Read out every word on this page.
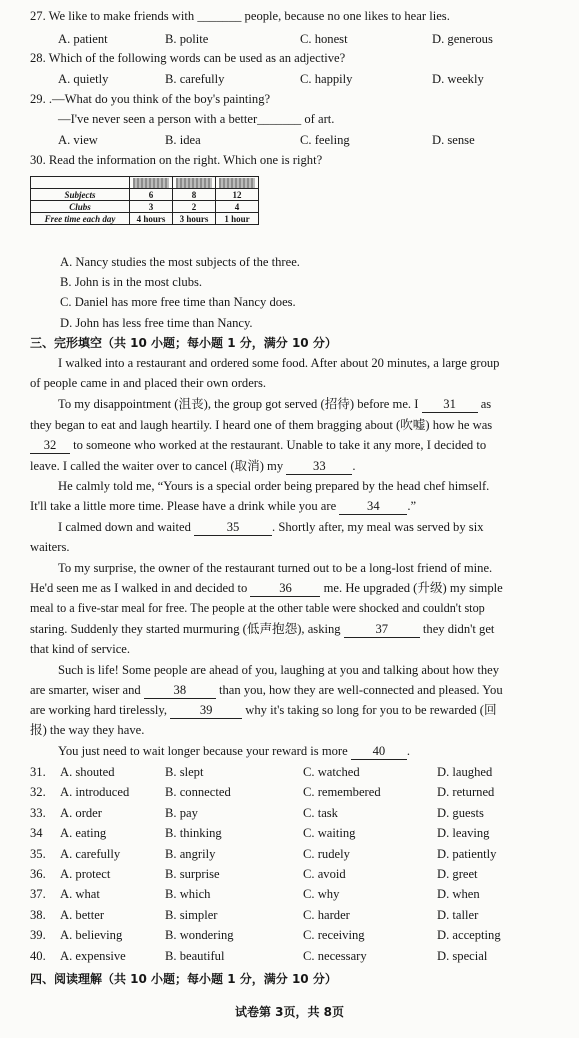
27. We like to make friends with _______ people, because no one likes to hear lies.
A. patient	B. polite	C. honest	D. generous
28. Which of the following words can be used as an adjective?
A. quietly	B. carefully	C. happily	D. weekly
29. .—What do you think of the boy's painting?
—I've never seen a person with a better_______ of art.
A. view	B. idea	C. feeling	D. sense
30. Read the information on the right. Which one is right?

Subjects	6	8	12
Clubs	3	2	4
Free time each day	4 hours	3 hours	1 hour
A. Nancy studies the most subjects of the three.
B. John is in the most clubs.
C. Daniel has more free time than Nancy does.
D. John has less free time than Nancy.
三、完形填空（共 10 小题；每小题 1 分，满分 10 分）
I walked into a restaurant and ordered some food. After about 20 minutes, a large group
of people came in and placed their own orders.
To my disappointment (沮丧), the group got served (招待) before me. I 31 as
they began to eat and laugh heartily. I heard one of them bragging about (吹嘘) how he was
32 to someone who worked at the restaurant. Unable to take it any more, I decided to
leave. I called the waiter over to cancel (取消) my 33 .
He calmly told me, “Yours is a special order being prepared by the head chef himself.
It'll take a little more time. Please have a drink while you are 34 .”
I calmed down and waited	35	. Shortly after, my meal was served by six
waiters.
To my surprise, the owner of the restaurant turned out to be a long-lost friend of mine.
He'd seen me as I walked in and decided to 36 me. He upgraded (升级) my simple
meal to a five-star meal for free. The people at the other table were shocked and couldn't stop
staring. Suddenly they started murmuring (低声抱怨), asking	37	they didn't get
that kind of service.
Such is life! Some people are ahead of you, laughing at you and talking about how they
are smarter, wiser and 38 than you, how they are well-connected and pleased. You
are working hard tirelessly, 39 why it's taking so long for you to be rewarded (回
报) the way they have.
You just need to wait longer because your reward is more 40 .
31. A. shouted	B. slept	C. watched	D. laughed
32. A. introduced	B. connected	C. remembered	D. returned
33. A. order	B. pay	C. task	D. guests
34 A. eating	B. thinking	C. waiting	D. leaving
35. A. carefully	B. angrily	C. rudely	D. patiently
36. A. protect	B. surprise	C. avoid	D. greet
37. A. what	B. which	C. why	D. when
38. A. better	B. simpler	C. harder	D. taller
39. A. believing	B. wondering	C. receiving	D. accepting
40. A. expensive	B. beautiful	C. necessary	D. special
四、阅读理解（共 10 小题；每小题 1 分，满分 10 分）
试卷第 3页，共 8页
